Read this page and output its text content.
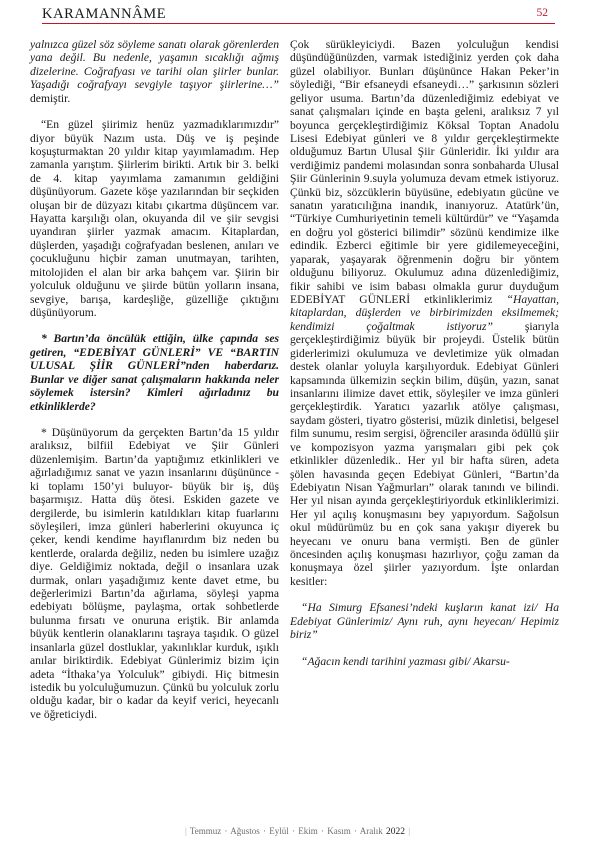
KARAMANNÂME	52

yalnızca güzel söz söyleme sanatı olarak görenlerden yana değil. Bu nedenle, yaşamın sıcaklığı ağmış dizelerine. Coğrafyası ve tarihi olan şiirler bunlar. Yaşadığı coğrafyayı sevgiyle taşıyor şiirlerine…” demiştir.

“En güzel şiirimiz henüz yazmadıklarımızdır” diyor büyük Nazım usta. Düş ve iş peşinde koşuşturmaktan 20 yıldır kitap yayımlamadım. Hep zamanla yarıştım. Şiirlerim birikti. Artık bir 3. belki de 4. kitap yayımlama zamanımın geldiğini düşünüyorum. Gazete köşe yazılarından bir seçkiden oluşan bir de düzyazı kitabı çıkartma düşüncem var. Hayatta karşılığı olan, okuyanda dil ve şiir sevgisi uyandıran şiirler yazmak amacım. Kitaplardan, düşlerden, yaşadığı coğrafyadan beslenen, anıları ve çocukluğunu hiçbir zaman unutmayan, tarihten, mitolojiden el alan bir arka bahçem var. Şiirin bir yolculuk olduğunu ve şiirde bütün yolların insana, sevgiye, barışa, kardeşliğe, güzelliğe çıktığını düşünüyorum.

* Bartın’da öncülük ettiğin, ülke çapında ses getiren, “EDEBİYAT GÜNLERİ” VE “BARTIN ULUSAL ŞİİR GÜNLERİ”nden haberdarız. Bunlar ve diğer sanat çalışmaların hakkında neler söylemek istersin? Kimleri ağırladınız bu etkinliklerde?

* Düşünüyorum da gerçekten Bartın’da 15 yıldır aralıksız, bilfiil Edebiyat ve Şiir Günleri düzenlemişim. Bartın’da yaptığımız etkinlikleri ve ağırladığımız sanat ve yazın insanlarını düşününce -ki toplamı 150’yi buluyor- büyük bir iş, düş başarmışız. Hatta düş ötesi. Eskiden gazete ve dergilerde, bu isimlerin katıldıkları kitap fuarlarını söyleşileri, imza günleri haberlerini okuyunca iç çeker, kendi kendime hayıflanırdım biz neden bu kentlerde, oralarda değiliz, neden bu isimlere uzağız diye. Geldiğimiz noktada, değil o insanlara uzak durmak, onları yaşadığımız kente davet etme, bu değerlerimizi Bartın’da ağırlama, söyleşi yapma edebiyatı bölüşme, paylaşma, ortak sohbetlerde bulunma fırsatı ve onuruna eriştik. Bir anlamda büyük kentlerin olanaklarını taşraya taşıdık. O güzel insanlarla güzel dostluklar, yakınlıklar kurduk, ışıklı anılar biriktirdik. Edebiyat Günlerimiz bizim için adeta “İthaka’ya Yolculuk” gibiydi. Hiç bitmesin istedik bu yolculuğumuzun. Çünkü bu yolculuk zorlu olduğu kadar, bir o kadar da keyif verici, heyecanlı ve öğreticiydi.

Çok sürükleyiciydi. Bazen yolculuğun kendisi düşündüğünüzden, varmak istediğiniz yerden çok daha güzel olabiliyor. Bunları düşününce Hakan Peker’in söylediği, “Bir efsaneydi efsaneydi…” şarkısının sözleri geliyor usuma. Bartın’da düzenlediğimiz edebiyat ve sanat çalışmaları içinde en başta geleni, aralıksız 7 yıl boyunca gerçekleştirdiğimiz Köksal Toptan Anadolu Lisesi Edebiyat günleri ve 8 yıldır gerçekleştirmekte olduğumuz Bartın Ulusal Şiir Günleridir. İki yıldır ara verdiğimiz pandemi molasından sonra sonbaharda Ulusal Şiir Günlerinin 9.suyla yolumuza devam etmek istiyoruz. Çünkü biz, sözcüklerin büyüsüne, edebiyatın gücüne ve sanatın yaratıcılığına inandık, inanıyoruz. Atatürk’ün, “Türkiye Cumhuriyetinin temeli kültürdür” ve “Yaşamda en doğru yol gösterici bilimdir” sözünü kendimize ilke edindik. Ezberci eğitimle bir yere gidilemeyeceğini, yaparak, yaşayarak öğrenmenin doğru bir yöntem olduğunu biliyoruz. Okulumuz adına düzenlediğimiz, fikir sahibi ve isim babası olmakla gurur duyduğum EDEBİYAT GÜNLERİ etkinliklerimiz “Hayattan, kitaplardan, düşlerden ve birbirimizden eksilmemek; kendimizi çoğaltmak istiyoruz” şiarıyla gerçekleştirdiğimiz büyük bir projeydi. Üstelik bütün giderlerimizi okulumuza ve devletimize yük olmadan destek olanlar yoluyla karşılıyorduk. Edebiyat Günleri kapsamında ülkemizin seçkin bilim, düşün, yazın, sanat insanlarını ilimize davet ettik, söyleşiler ve imza günleri gerçekleştirdik. Yaratıcı yazarlık atölye çalışması, saydam gösteri, tiyatro gösterisi, müzik dinletisi, belgesel film sunumu, resim sergisi, öğrenciler arasında ödüllü şiir ve kompozisyon yazma yarışmaları gibi pek çok etkinlikler düzenledik.. Her yıl bir hafta süren, adeta şölen havasında geçen Edebiyat Günleri, “Bartın’da Edebiyatın Nisan Yağmurları” olarak tanındı ve bilindi. Her yıl nisan ayında gerçekleştiriyorduk etkinliklerimizi. Her yıl açılış konuşmasını bey yapıyordum. Sağolsun okul müdürümüz bu en çok sana yakışır diyerek bu heyecanı ve onuru bana vermişti. Ben de günler öncesinden açılış konuşması hazırlıyor, çoğu zaman da konuşmaya özel şiirler yazıyordum. İşte onlardan kesitler:

“Ha Simurg Efsanesi’ndeki kuşların kanat izi/ Ha Edebiyat Günlerimiz/ Aynı ruh, aynı heyecan/ Hepimiz biriz”

“Ağacın kendi tarihini yazması gibi/ Akarsu-

| Temmuz · Ağustos · Eylül · Ekim · Kasım · Aralık 2022 |
